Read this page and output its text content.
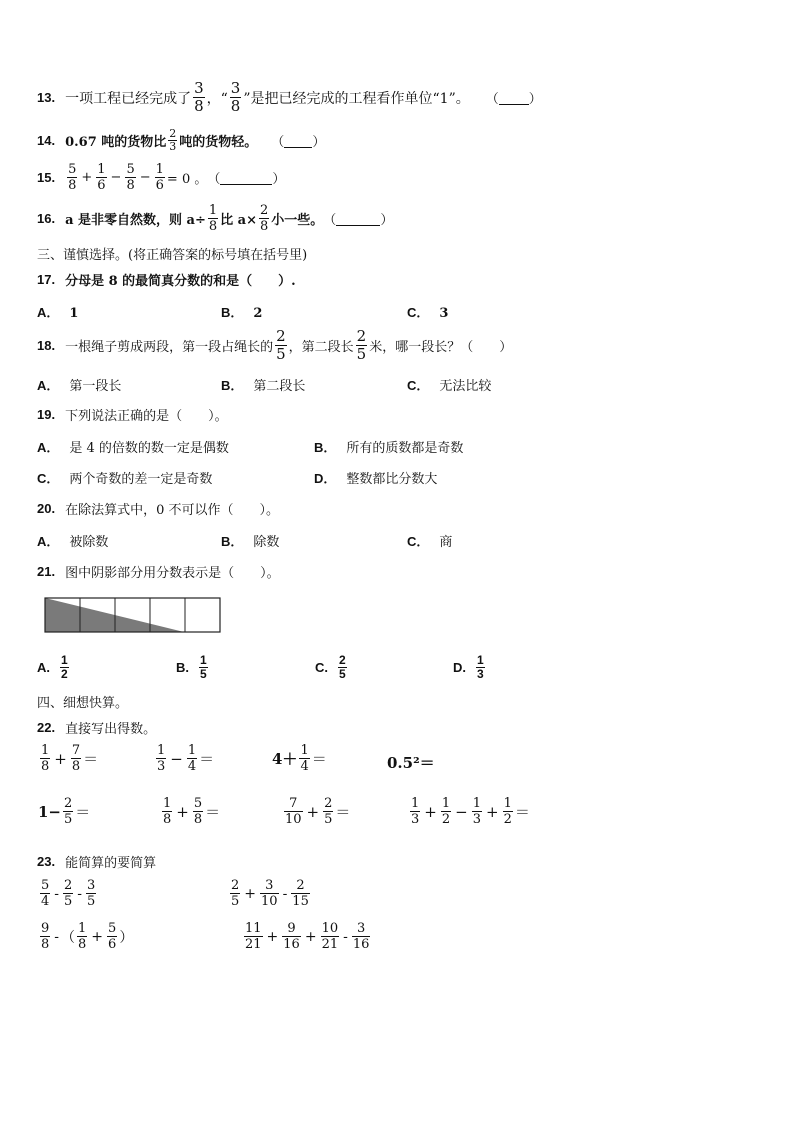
13. 一项工程已经完成了 $\frac{3}{8}$ ，“ $\frac{3}{8}$ ”是把已经完成的工程看作单位“1”。 （ ）
14. 0.67 吨的货物比 $\frac{2}{3}$ 吨的货物轻。 （ ）
15. $\frac{5}{8} + \frac{1}{6} - \frac{5}{8} - \frac{1}{6} = 0$ 。 （	）
16. a 是非零自然数，则 $a\div \frac{1}{8}$ 比 $a\times \frac{2}{8}$ 小一些。 （	）
三、谨慎选择。(将正确答案的标号填在括号里)
17. 分母是 8 的最简真分数的和是（　　）.
A． 1	B． 2	C． 3
18. 一根绳子剪成两段，第一段占绳长的 $\frac{2}{5}$ ，第二段长 $\frac{2}{5}$ 米，哪一段长？（　　）
A． 第一段长	B． 第二段长	C． 无法比较
19. 下列说法正确的是（　　）。
A． 是 4 的倍数的数一定是偶数	B． 所有的质数都是奇数
C． 两个奇数的差一定是奇数	D． 整数都比分数大
20. 在除法算式中，0 不可以作（　　）。
A． 被除数	B． 除数	C． 商
21. 图中阴影部分用分数表示是（　　）。
A. $\frac{1}{2}$	B. $\frac{1}{5}$	C. $\frac{2}{5}$	D. $\frac{1}{3}$
四、细想快算。
22. 直接写出得数。
$\frac{1}{8} + \frac{7}{8}$ ＝	$\frac{1}{3} - \frac{1}{4}$ ＝	$4+ \frac{1}{4}$ ＝	0.5²＝
$1- \frac{2}{5}$ ＝	$\frac{1}{8} + \frac{5}{8}$ ＝	$\frac{7}{10} + \frac{2}{5}$ ＝	$\frac{1}{3} + \frac{1}{2} - \frac{1}{3} + \frac{1}{2}$ ＝
23. 能简算的要简算
$\frac{5}{4} - \frac{2}{5} - \frac{3}{5}$	$\frac{2}{5} + \frac{3}{10} - \frac{2}{15}$
$\frac{9}{8}$ - （ $\frac{1}{8} + \frac{5}{6}$ ）	$\frac{11}{21} + \frac{9}{16} + \frac{10}{21} - \frac{3}{16}$
